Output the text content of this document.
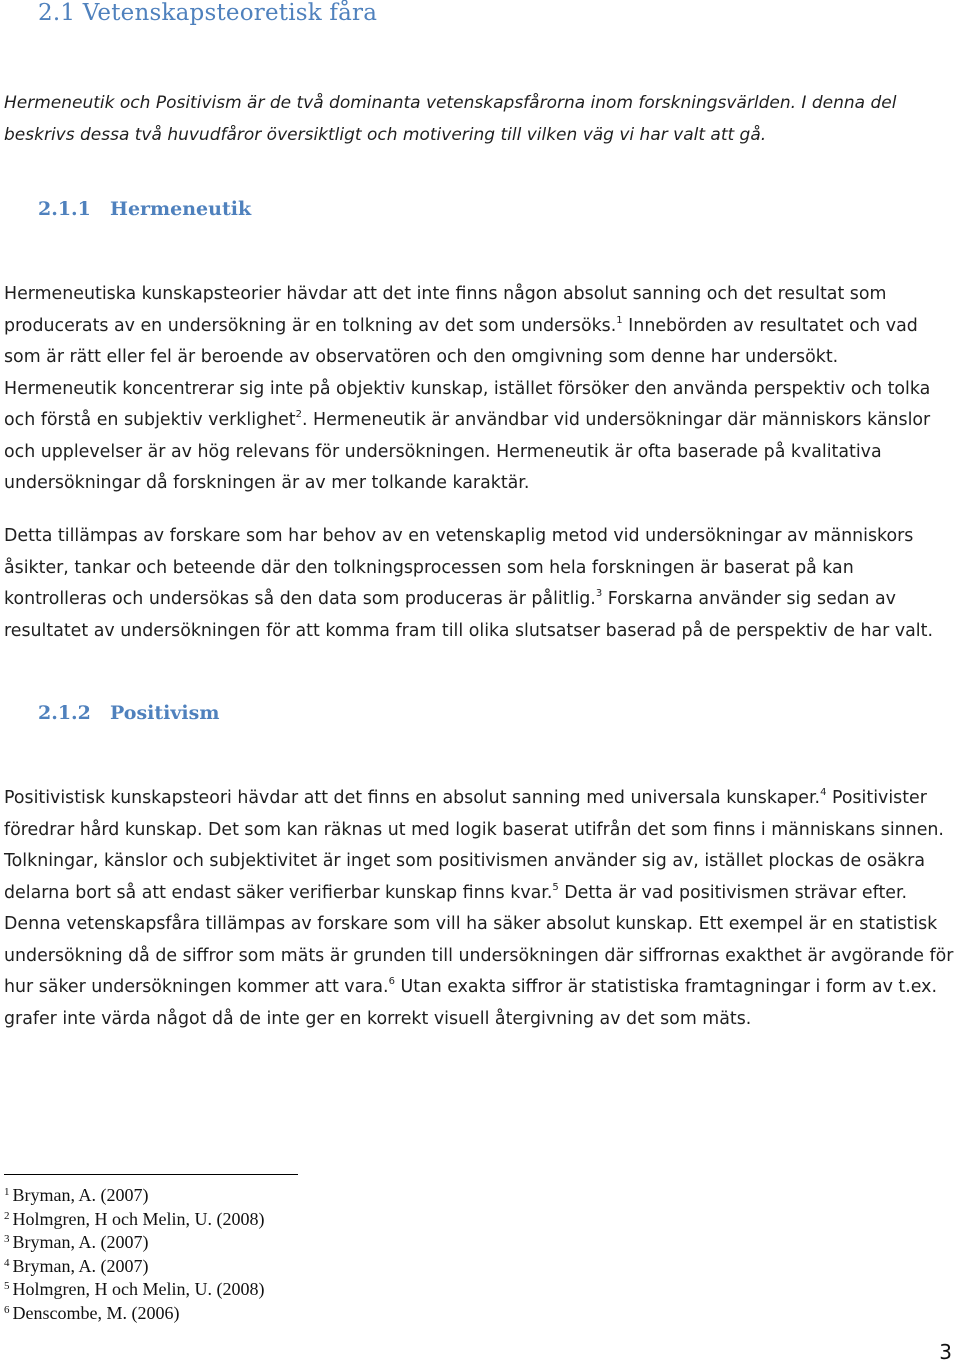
2.1 Vetenskapsteoretisk fåra
Hermeneutik och Positivism är de två dominanta vetenskapsfårorna inom forskningsvärlden. I denna del beskrivs dessa två huvudfåror översiktligt och motivering till vilken väg vi har valt att gå.
2.1.1 Hermeneutik
Hermeneutiska kunskapsteorier hävdar att det inte finns någon absolut sanning och det resultat som producerats av en undersökning är en tolkning av det som undersöks.$^1$ Innebörden av resultatet och vad som är rätt eller fel är beroende av observatören och den omgivning som denne har undersökt. Hermeneutik koncentrerar sig inte på objektiv kunskap, istället försöker den använda perspektiv och tolka och förstå en subjektiv verklighet$^2$. Hermeneutik är användbar vid undersökningar där människors känslor och upplevelser är av hög relevans för undersökningen. Hermeneutik är ofta baserade på kvalitativa undersökningar då forskningen är av mer tolkande karaktär.
Detta tillämpas av forskare som har behov av en vetenskaplig metod vid undersökningar av människors åsikter, tankar och beteende där den tolkningsprocessen som hela forskningen är baserat på kan kontrolleras och undersökas så den data som produceras är pålitlig.$^3$ Forskarna använder sig sedan av resultatet av undersökningen för att komma fram till olika slutsatser baserad på de perspektiv de har valt.
2.1.2 Positivism
Positivistisk kunskapsteori hävdar att det finns en absolut sanning med universala kunskaper.$^4$ Positivister föredrar hård kunskap. Det som kan räknas ut med logik baserat utifrån det som finns i människans sinnen. Tolkningar, känslor och subjektivitet är inget som positivismen använder sig av, istället plockas de osäkra delarna bort så att endast säker verifierbar kunskap finns kvar.$^5$ Detta är vad positivismen strävar efter. Denna vetenskapsfåra tillämpas av forskare som vill ha säker absolut kunskap. Ett exempel är en statistisk undersökning då de siffror som mäts är grunden till undersökningen där siffrornas exakthet är avgörande för hur säker undersökningen kommer att vara.$^6$ Utan exakta siffror är statistiska framtagningar i form av t.ex. grafer inte värda något då de inte ger en korrekt visuell återgivning av det som mäts.
$^1$ Bryman, A. (2007)
$^2$ Holmgren, H och Melin, U. (2008)
$^3$ Bryman, A. (2007)
$^4$ Bryman, A. (2007)
$^5$ Holmgren, H och Melin, U. (2008)
$^6$ Denscombe, M. (2006)
3
